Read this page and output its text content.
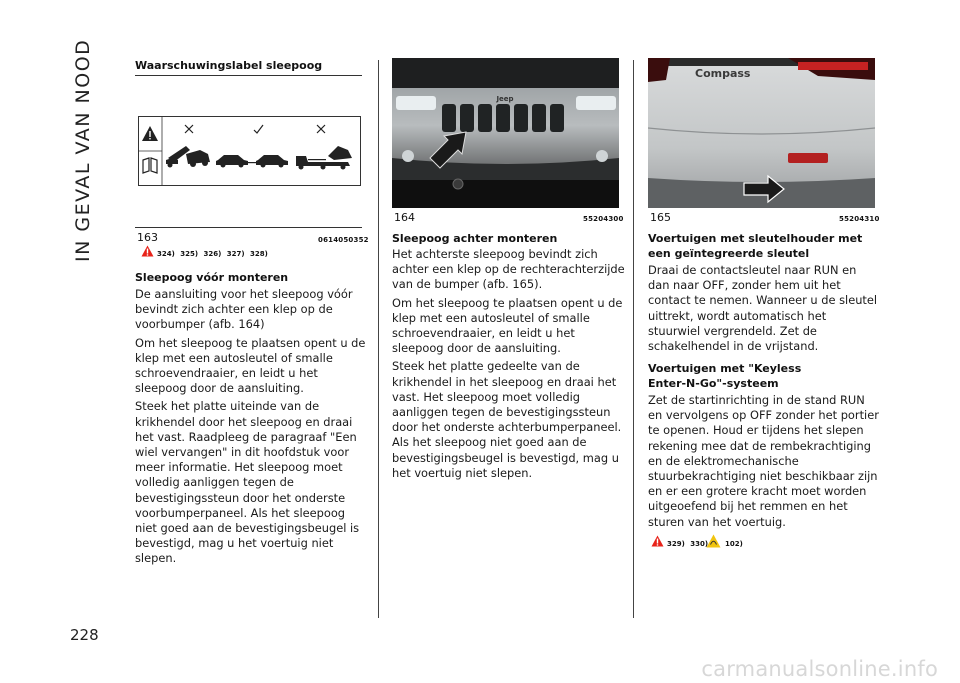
IN GEVAL VAN NOOD
228
Waarschuwingslabel sleepoog
163	0614050352
324) 325) 326) 327) 328)
Sleepoog vóór monteren

De aansluiting voor het sleepoog vóór bevindt zich achter een klep op de voorbumper (afb. 164)

Om het sleepoog te plaatsen opent u de klep met een autosleutel of smalle schroevendraaier, en leidt u het sleepoog door de aansluiting.

Steek het platte uiteinde van de krikhendel door het sleepoog en draai het vast. Raadpleeg de paragraaf "Een wiel vervangen" in dit hoofdstuk voor meer informatie. Het sleepoog moet volledig aanliggen tegen de bevestigingssteun door het onderste voorbumperpaneel. Als het sleepoog niet goed aan de bevestigingsbeugel is bevestigd, mag u het voertuig niet slepen.

Jeep
164	55204300
Sleepoog achter monteren

Het achterste sleepoog bevindt zich achter een klep op de rechterachterzijde van de bumper (afb. 165).

Om het sleepoog te plaatsen opent u de klep met een autosleutel of smalle schroevendraaier, en leidt u het sleepoog door de aansluiting.

Steek het platte gedeelte van de krikhendel in het sleepoog en draai het vast. Het sleepoog moet volledig aanliggen tegen de bevestigingssteun door het onderste achterbumperpaneel. Als het sleepoog niet goed aan de bevestigingsbeugel is bevestigd, mag u het voertuig niet slepen.

Compass
165	55204310
Voertuigen met sleutelhouder met een geïntegreerde sleutel
Draai de contactsleutel naar RUN en dan naar OFF, zonder hem uit het contact te nemen. Wanneer u de sleutel uittrekt, wordt automatisch het stuurwiel vergrendeld. Zet de schakelhendel in de vrijstand.
Voertuigen met "Keyless
Enter-N-Go"-systeem
Zet de startinrichting in de stand RUN en vervolgens op OFF zonder het portier te openen. Houd er tijdens het slepen rekening mee dat de rembekrachtiging en de elektromechanische stuurbekrachtiging niet beschikbaar zijn en er een grotere kracht moet worden uitgeoefend bij het remmen en het sturen van het voertuig.
329) 330) 102)
carmanualsonline.info
